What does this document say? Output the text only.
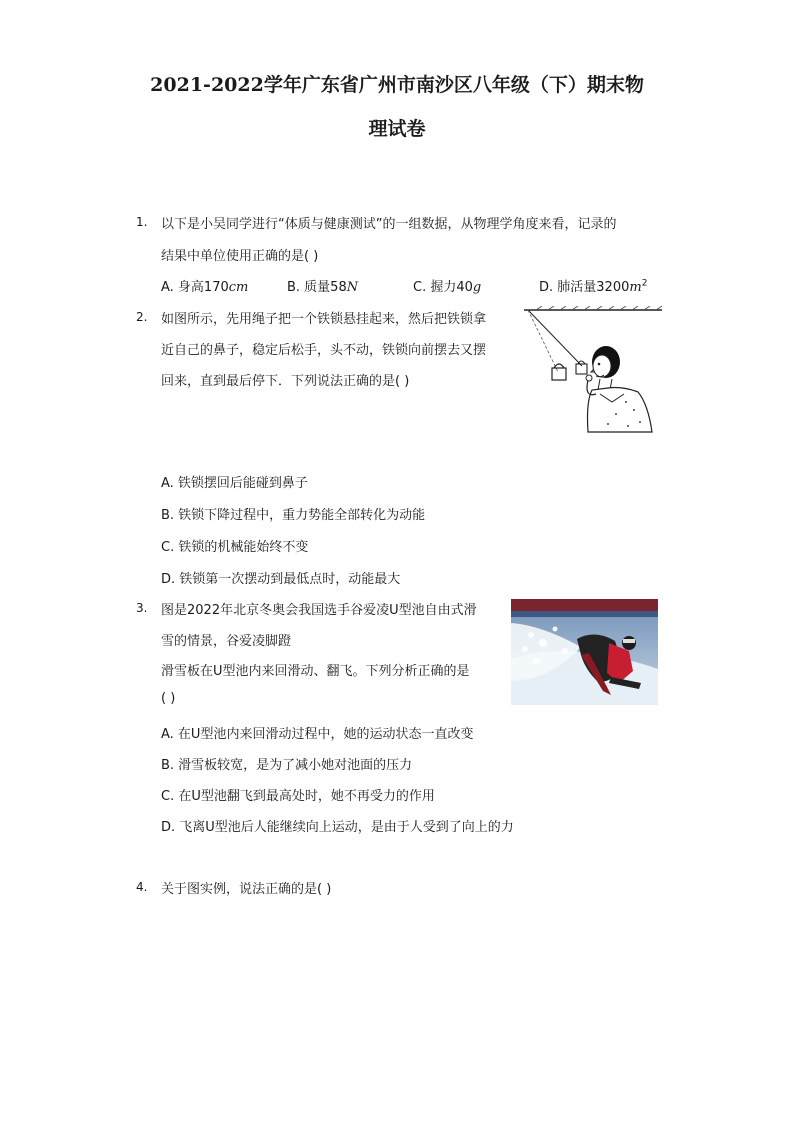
2021-2022学年广东省广州市南沙区八年级（下）期末物
理试卷
1. 以下是小吴同学进行“体质与健康测试”的一组数据，从物理学角度来看，记录的
结果中单位使用正确的是( )
A. 身高170cm	B. 质量58N	C. 握力40g	D. 肺活量$3200m^2$
2. 如图所示，先用绳子把一个铁锁悬挂起来，然后把铁锁拿
近自己的鼻子，稳定后松手，头不动，铁锁向前摆去又摆
回来，直到最后停下．下列说法正确的是( )
A. 铁锁摆回后能碰到鼻子
B. 铁锁下降过程中，重力势能全部转化为动能
C. 铁锁的机械能始终不变
D. 铁锁第一次摆动到最低点时，动能最大
3. 图是2022年北京冬奥会我国选手谷爱凌U型池自由式滑
雪的情景，谷爱凌脚蹬
滑雪板在U型池内来回滑动、翻飞。下列分析正确的是
( )
A. 在U型池内来回滑动过程中，她的运动状态一直改变
B. 滑雪板较宽，是为了减小她对池面的压力
C. 在U型池翻飞到最高处时，她不再受力的作用
D. 飞离U型池后人能继续向上运动，是由于人受到了向上的力
4. 关于图实例，说法正确的是( )
